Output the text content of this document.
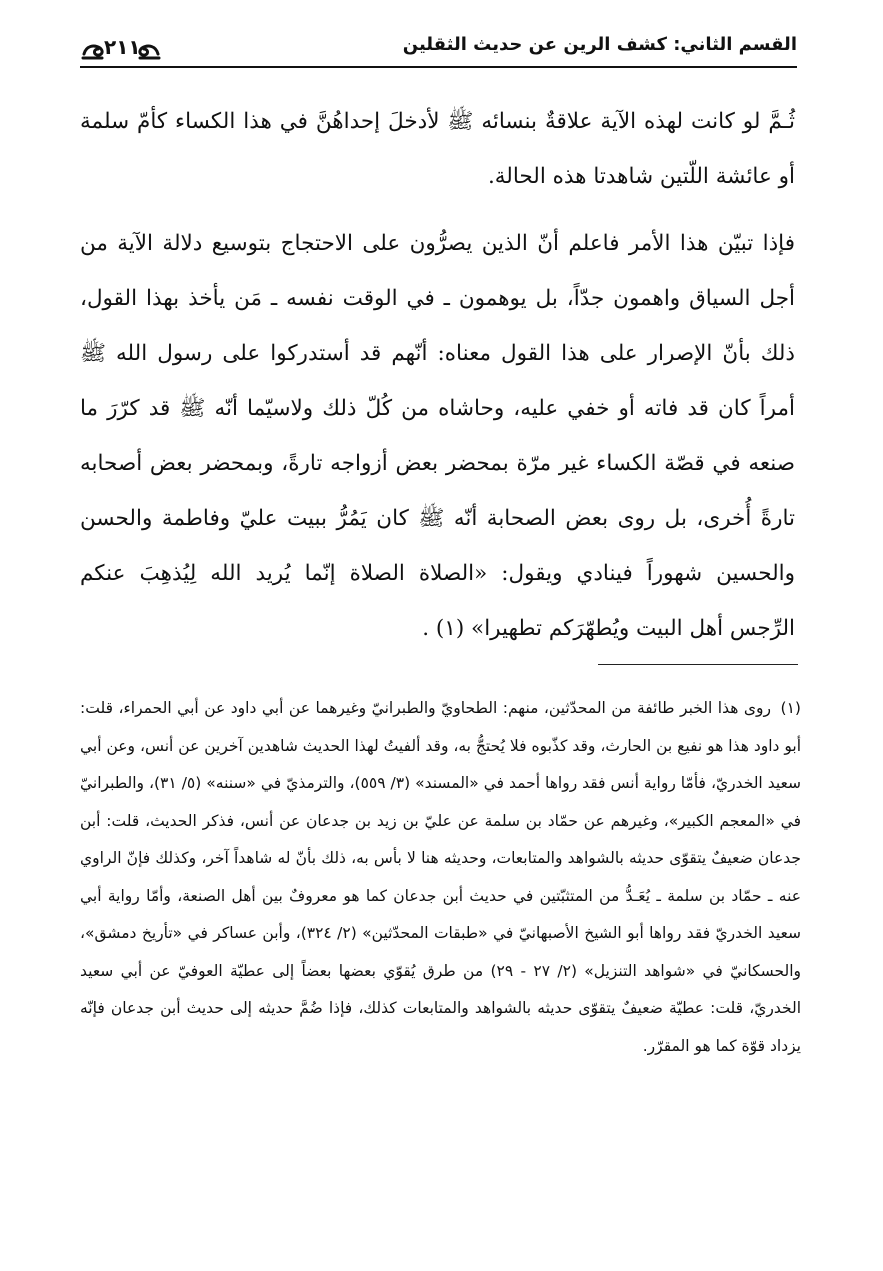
القسم الثاني: كشف الرين عن حديث الثقلين
٢١١

ثُـمَّ لو كانت لهذه الآية علاقةٌ بنسائه ﷺ لأدخلَ إحداهُنَّ في هذا الكساء كأمّ سلمة أو عائشة اللّتين شاهدتا هذه الحالة.

فإذا تبيّن هذا الأمر فاعلم أنّ الذين يصرُّون على الاحتجاج بتوسيع دلالة الآية من أجل السياق واهمون جدّاً، بل يوهمون ـ في الوقت نفسه ـ مَن يأخذ بهذا القول، ذلك بأنّ الإصرار على هذا القول معناه: أنّهم قد أستدركوا على رسول الله ﷺ أمراً كان قد فاته أو خفي عليه، وحاشاه من كُلّ ذلك ولاسيّما أنّه ﷺ قد كرّرَ ما صنعه في قصّة الكساء غير مرّة بمحضر بعض أزواجه تارةً، وبمحضر بعض أصحابه تارةً أُخرى، بل روى بعض الصحابة أنّه ﷺ كان يَمُرُّ ببيت عليّ وفاطمة والحسن والحسين شهوراً فينادي ويقول: «الصلاة الصلاة إنّما يُريد الله لِيُذهِبَ عنكم الرِّجس أهل البيت ويُطهّرَكم تطهيرا» (١) .

(١) روى هذا الخبر طائفة من المحدّثين، منهم: الطحاويّ والطبرانيّ وغيرهما عن أبي داود عن أبي الحمراء، قلت: أبو داود هذا هو نفيع بن الحارث، وقد كذّبوه فلا يُحتجُّ به، وقد ألفيتُ لهذا الحديث شاهدين آخرين عن أنس، وعن أبي سعيد الخدريّ، فأمّا رواية أنس فقد رواها أحمد في «المسند» (٣/ ٥٥٩)، والترمذيّ في «سننه» (٥/ ٣١)، والطبرانيّ في «المعجم الكبير»، وغيرهم عن حمّاد بن سلمة عن عليّ بن زيد بن جدعان عن أنس، فذكر الحديث، قلت: أبن جدعان ضعيفٌ يتقوّى حديثه بالشواهد والمتابعات، وحديثه هنا لا بأس به، ذلك بأنّ له شاهداً آخر، وكذلك فإنّ الراوي عنه ـ حمّاد بن سلمة ـ يُعَـدُّ من المتثبّتين في حديث أبن جدعان كما هو معروفٌ بين أهل الصنعة، وأمّا رواية أبي سعيد الخدريّ فقد رواها أبو الشيخ الأصبهانيّ في «طبقات المحدّثين» (٢/ ٣٢٤)، وأبن عساكر في «تأريخ دمشق»، والحسكانيّ في «شواهد التنزيل» (٢/ ٢٧ - ٢٩) من طرق يُقوّي بعضها بعضاً إلى عطيّة العوفيّ عن أبي سعيد الخدريّ، قلت: عطيّة ضعيفٌ يتقوّى حديثه بالشواهد والمتابعات كذلك، فإذا ضُمَّ حديثه إلى حديث أبن جدعان فإنّه يزداد قوّة كما هو المقرّر.
